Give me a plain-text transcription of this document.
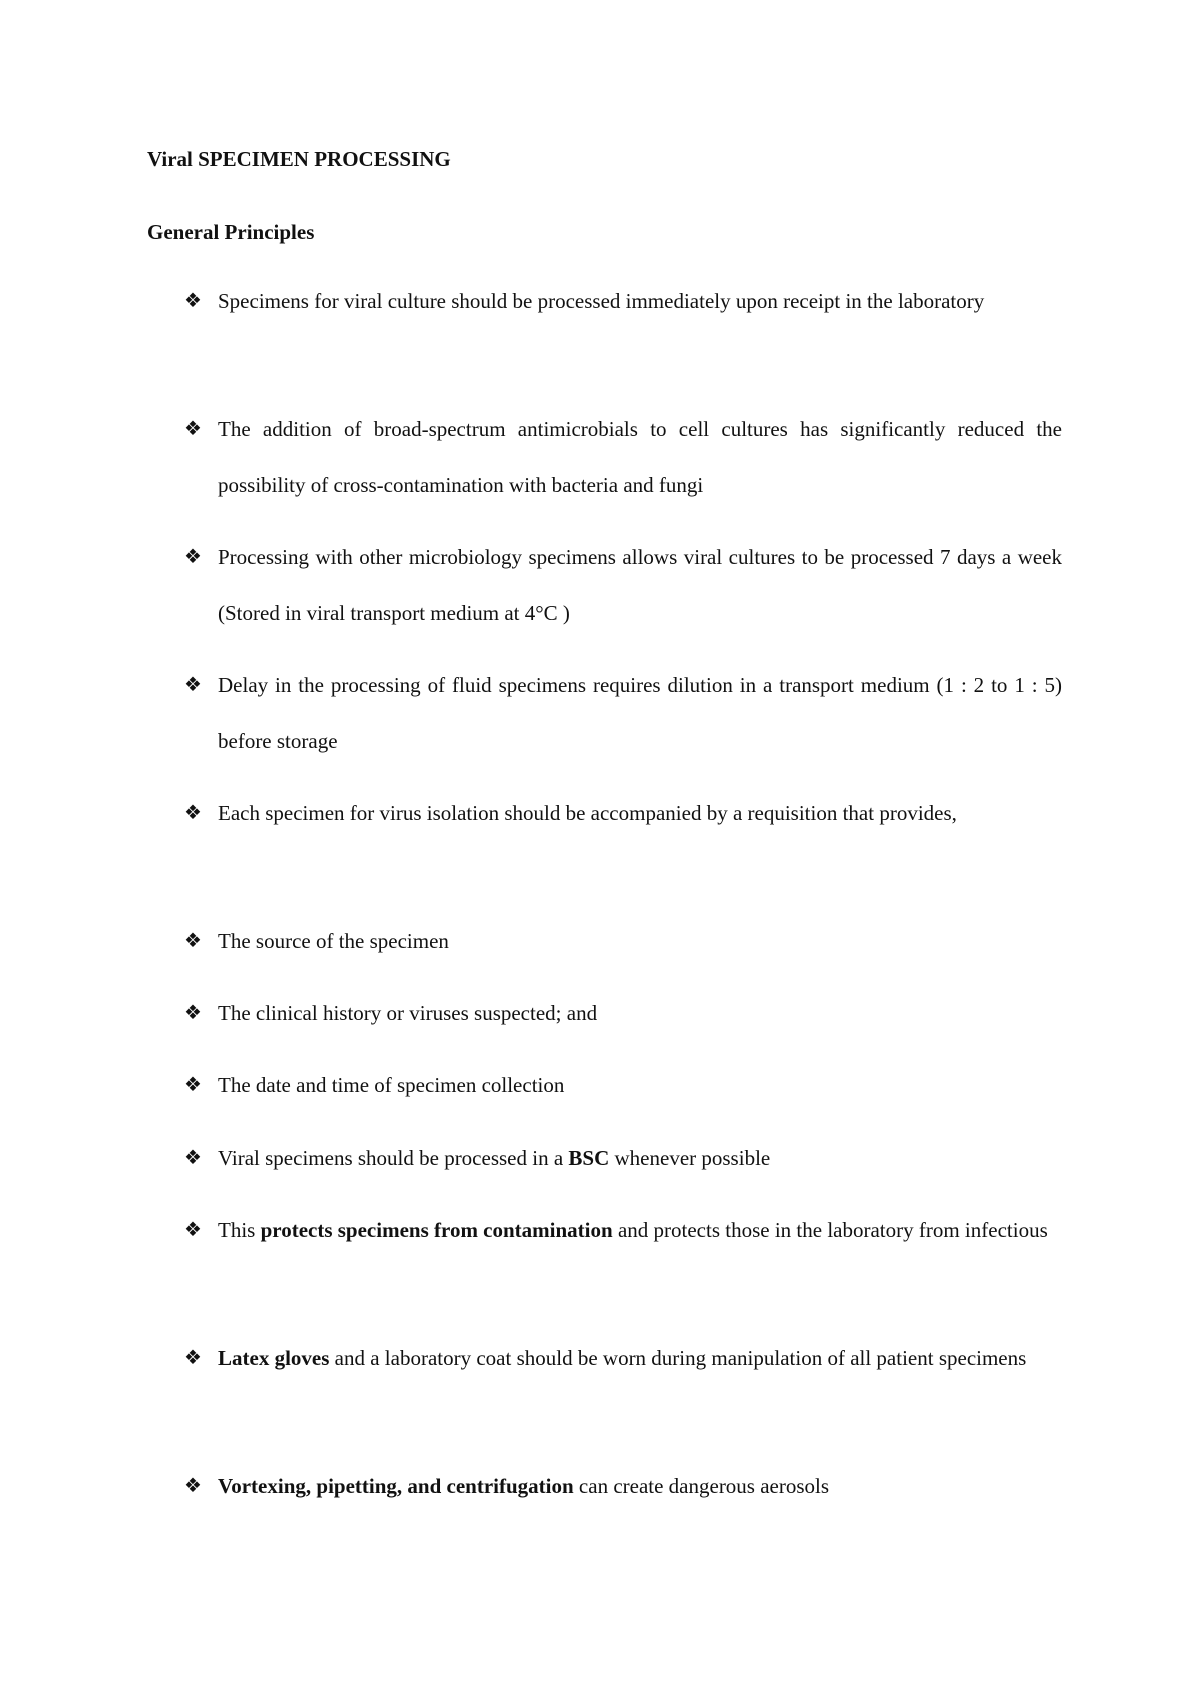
Viral SPECIMEN PROCESSING
General Principles
❖ Specimens for viral culture should be processed immediately upon receipt in the laboratory
❖ The addition of broad-spectrum antimicrobials to cell cultures has significantly reduced the possibility of cross-contamination with bacteria and fungi
❖ Processing with other microbiology specimens allows viral cultures to be processed 7 days a week (Stored in viral transport medium at 4°C )
❖ Delay in the processing of fluid specimens requires dilution in a transport medium (1 : 2 to 1 : 5) before storage
❖ Each specimen for virus isolation should be accompanied by a requisition that provides,
❖ The source of the specimen
❖ The clinical history or viruses suspected; and
❖ The date and time of specimen collection
❖ Viral specimens should be processed in a BSC whenever possible
❖ This protects specimens from contamination and protects those in the laboratory from infectious
❖ Latex gloves and a laboratory coat should be worn during manipulation of all patient specimens
❖ Vortexing, pipetting, and centrifugation can create dangerous aerosols
